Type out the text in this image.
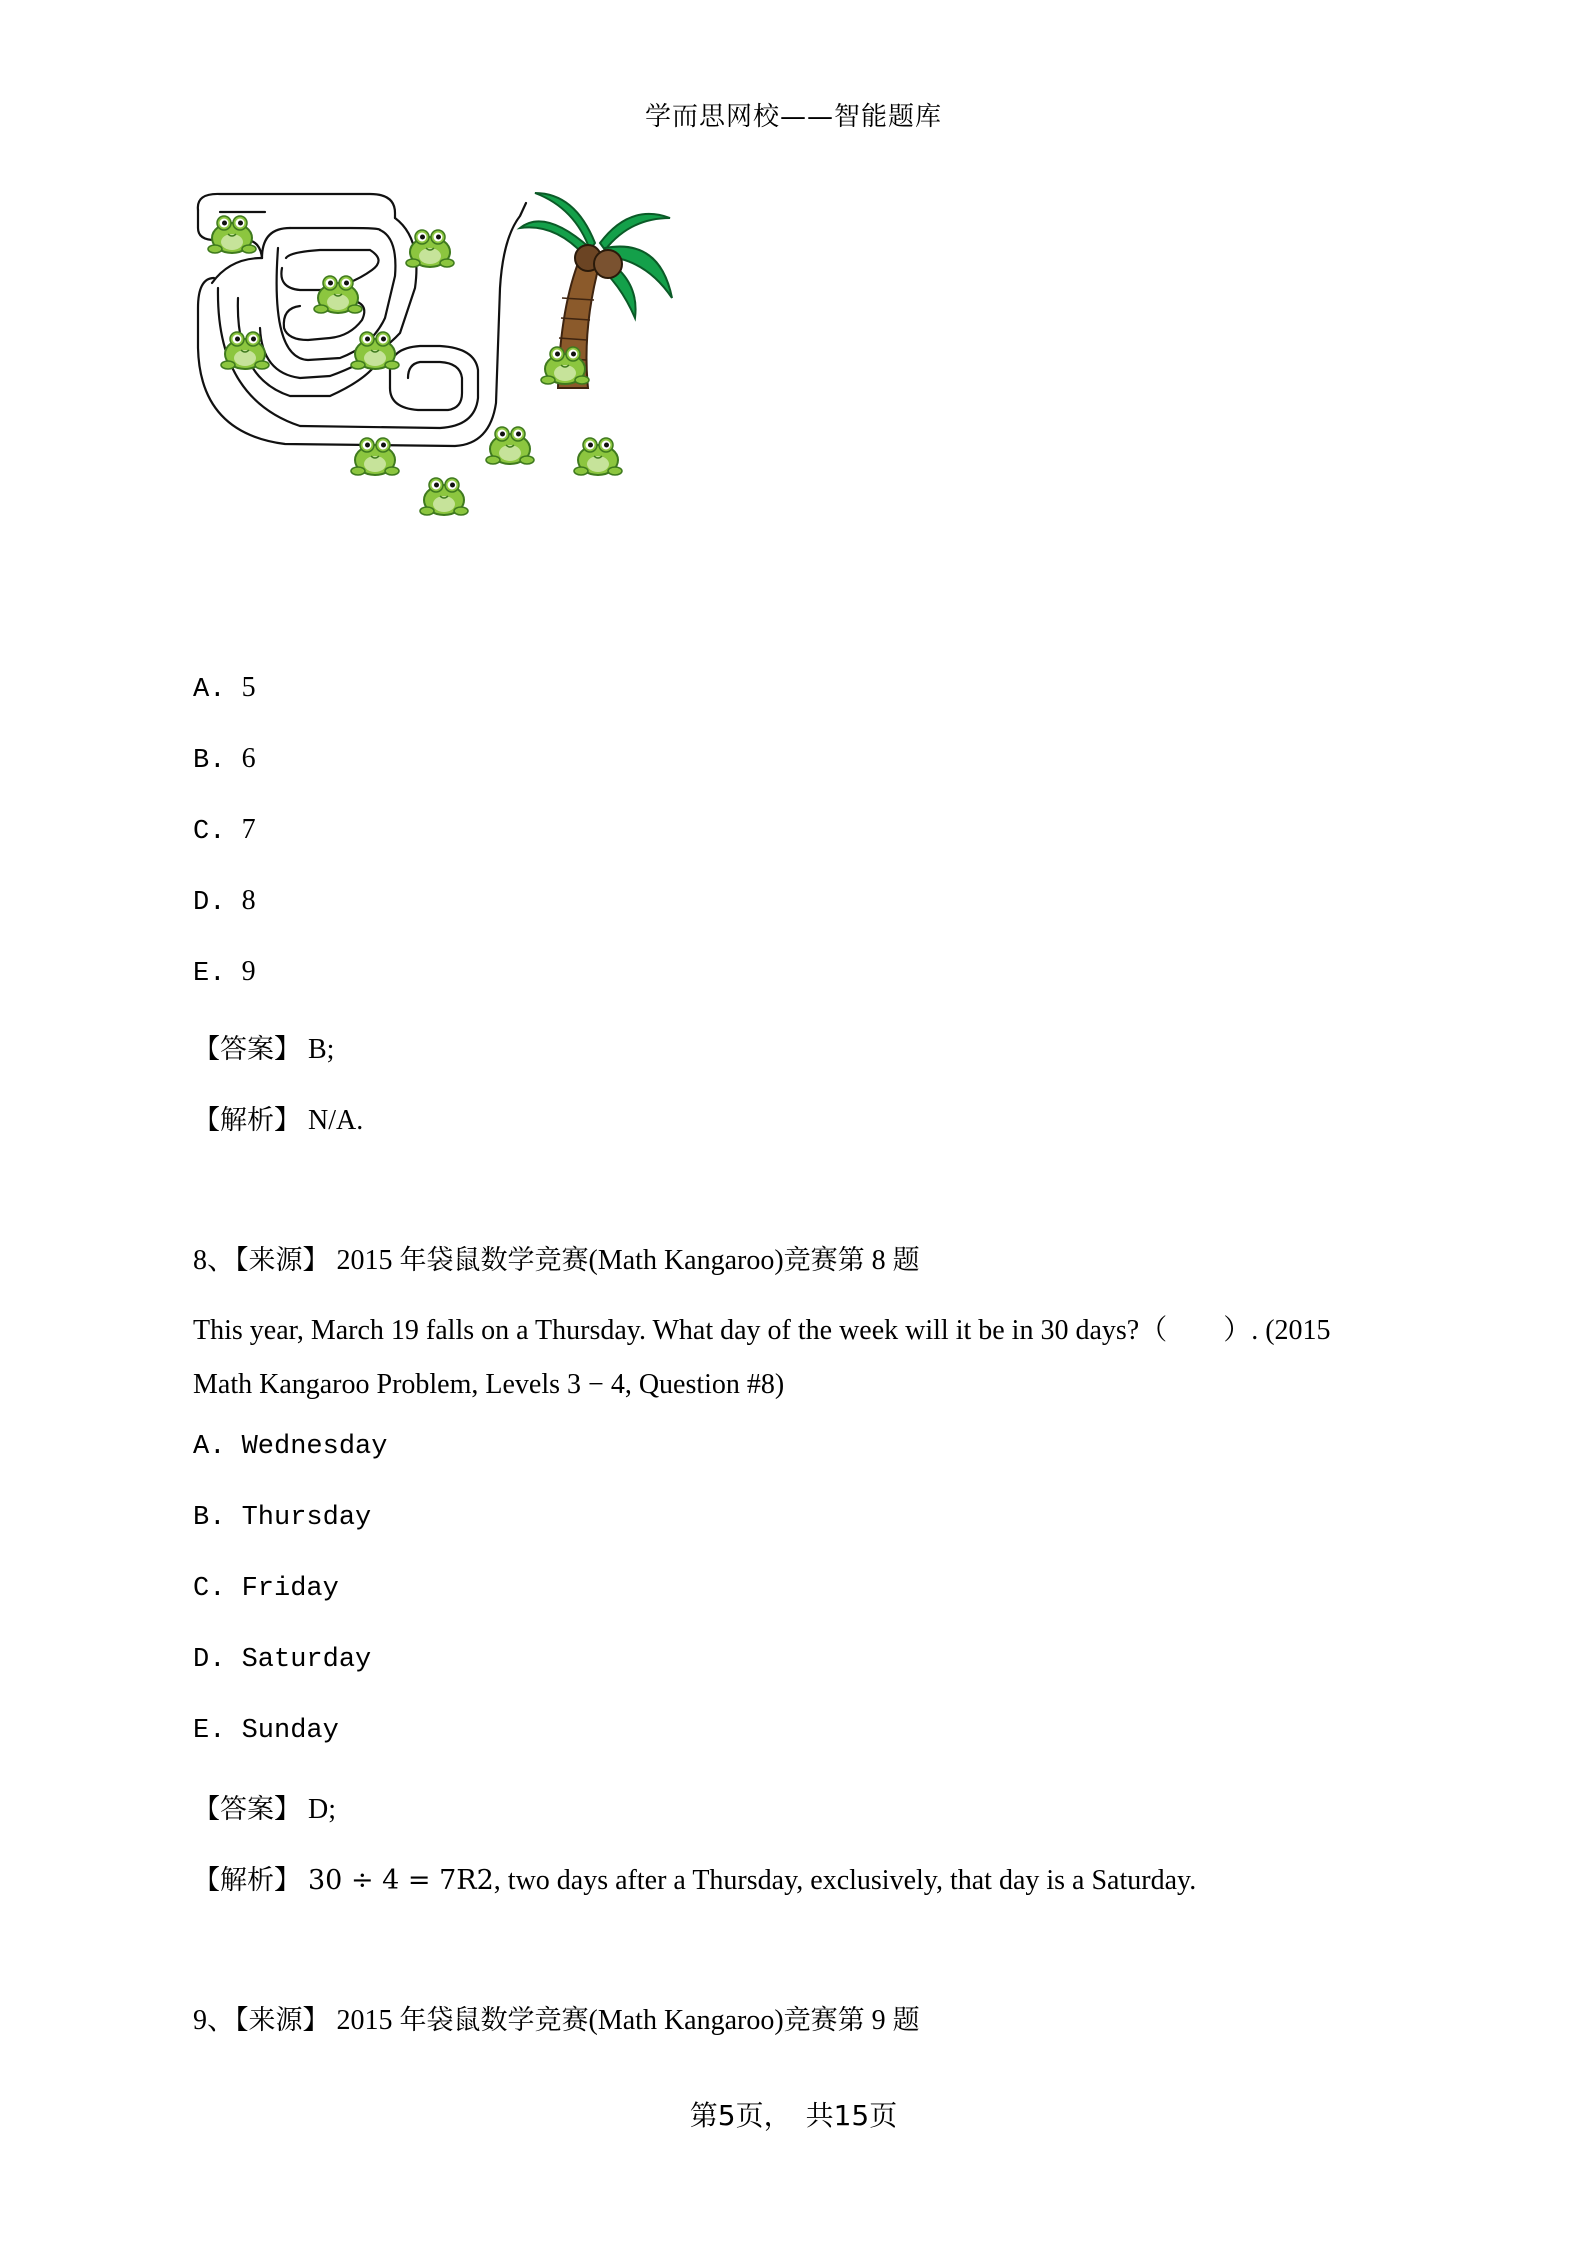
学而思网校——智能题库
A. 5
B. 6
C. 7
D. 8
E. 9
【答案】 B;
【解析】 N/A.
8、【来源】 2015 年袋鼠数学竞赛(Math Kangaroo)竞赛第 8 题
This year, March 19 falls on a Thursday. What day of the week will it be in 30 days?（　　）. (2015
Math Kangaroo Problem, Levels 3 − 4, Question #8)
A. Wednesday
B. Thursday
C. Friday
D. Saturday
E. Sunday
【答案】 D;
【解析】 30 ÷ 4 = 7R2, two days after a Thursday, exclusively, that day is a Saturday.
9、【来源】 2015 年袋鼠数学竞赛(Math Kangaroo)竞赛第 9 题
第5页，　共15页
